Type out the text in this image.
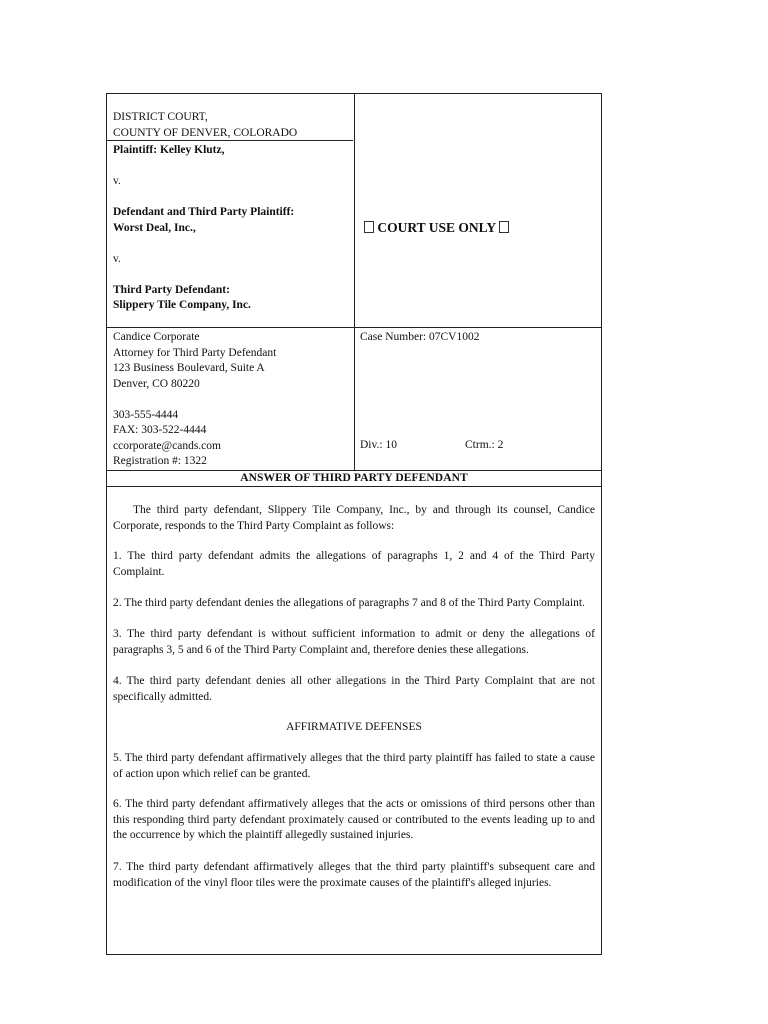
DISTRICT COURT,
COUNTY OF DENVER, COLORADO
Plaintiff: Kelley Klutz,
v.
Defendant and Third Party Plaintiff:
Worst Deal, Inc.,
v.
Third Party Defendant:
Slippery Tile Company, Inc.
COURT USE ONLY
Candice Corporate
Attorney for Third Party Defendant
123 Business Boulevard, Suite A
Denver, CO 80220
303-555-4444
FAX: 303-522-4444
ccorporate@cands.com
Registration #: 1322
Case Number: 07CV1002
Div.: 10	Ctrm.: 2
ANSWER OF THIRD PARTY DEFENDANT
The third party defendant, Slippery Tile Company, Inc., by and through its counsel, Candice Corporate, responds to the Third Party Complaint as follows:
1. The third party defendant admits the allegations of paragraphs 1, 2 and 4 of the Third Party Complaint.
2. The third party defendant denies the allegations of paragraphs 7 and 8 of the Third Party Complaint.
3. The third party defendant is without sufficient information to admit or deny the allegations of paragraphs 3, 5 and 6 of the Third Party Complaint and, therefore denies these allegations.
4. The third party defendant denies all other allegations in the Third Party Complaint that are not specifically admitted.
AFFIRMATIVE DEFENSES
5. The third party defendant affirmatively alleges that the third party plaintiff has failed to state a cause of action upon which relief can be granted.
6. The third party defendant affirmatively alleges that the acts or omissions of third persons other than this responding third party defendant proximately caused or contributed to the events leading up to and the occurrence by which the plaintiff allegedly sustained injuries.
7. The third party defendant affirmatively alleges that the third party plaintiff's subsequent care and modification of the vinyl floor tiles were the proximate causes of the plaintiff's alleged injuries.
